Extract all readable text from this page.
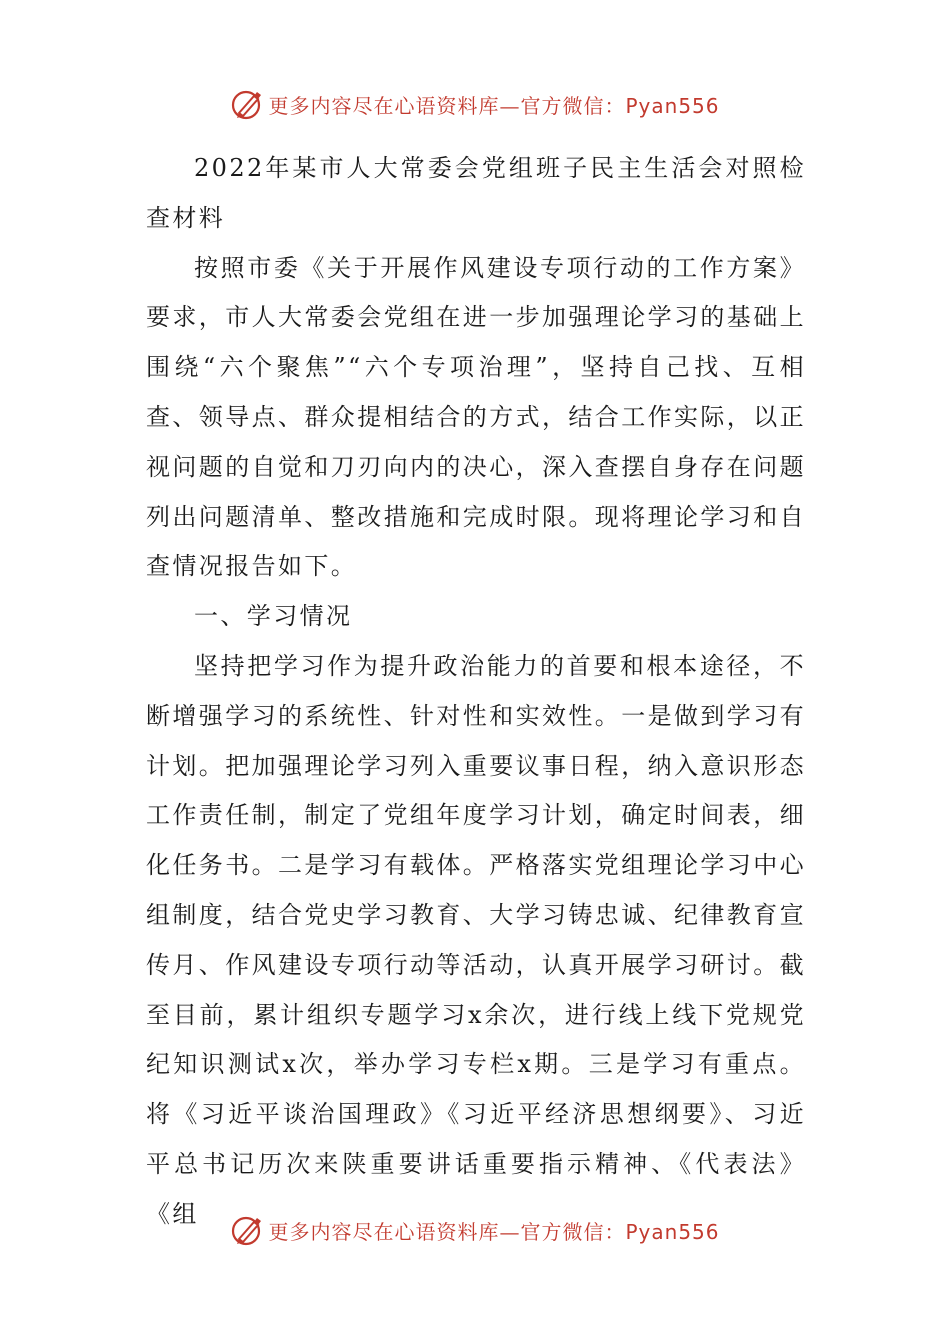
更多内容尽在心语资料库—官方微信：Pyan556

2022年某市人大常委会党组班子民主生活会对照检查材料

按照市委《关于开展作风建设专项行动的工作方案》要求，市人大常委会党组在进一步加强理论学习的基础上围绕“六个聚焦”“六个专项治理”，坚持自己找、互相查、领导点、群众提相结合的方式，结合工作实际，以正视问题的自觉和刀刃向内的决心，深入查摆自身存在问题列出问题清单、整改措施和完成时限。现将理论学习和自查情况报告如下。

一、学习情况

坚持把学习作为提升政治能力的首要和根本途径，不断增强学习的系统性、针对性和实效性。一是做到学习有计划。把加强理论学习列入重要议事日程，纳入意识形态工作责任制，制定了党组年度学习计划，确定时间表，细化任务书。二是学习有载体。严格落实党组理论学习中心组制度，结合党史学习教育、大学习铸忠诚、纪律教育宣传月、作风建设专项行动等活动，认真开展学习研讨。截至目前，累计组织专题学习x余次，进行线上线下党规党纪知识测试x次，举办学习专栏x期。三是学习有重点。将《习近平谈治国理政》《习近平经济思想纲要》、习近平总书记历次来陕重要讲话重要指示精神、《代表法》《组

更多内容尽在心语资料库—官方微信：Pyan556
